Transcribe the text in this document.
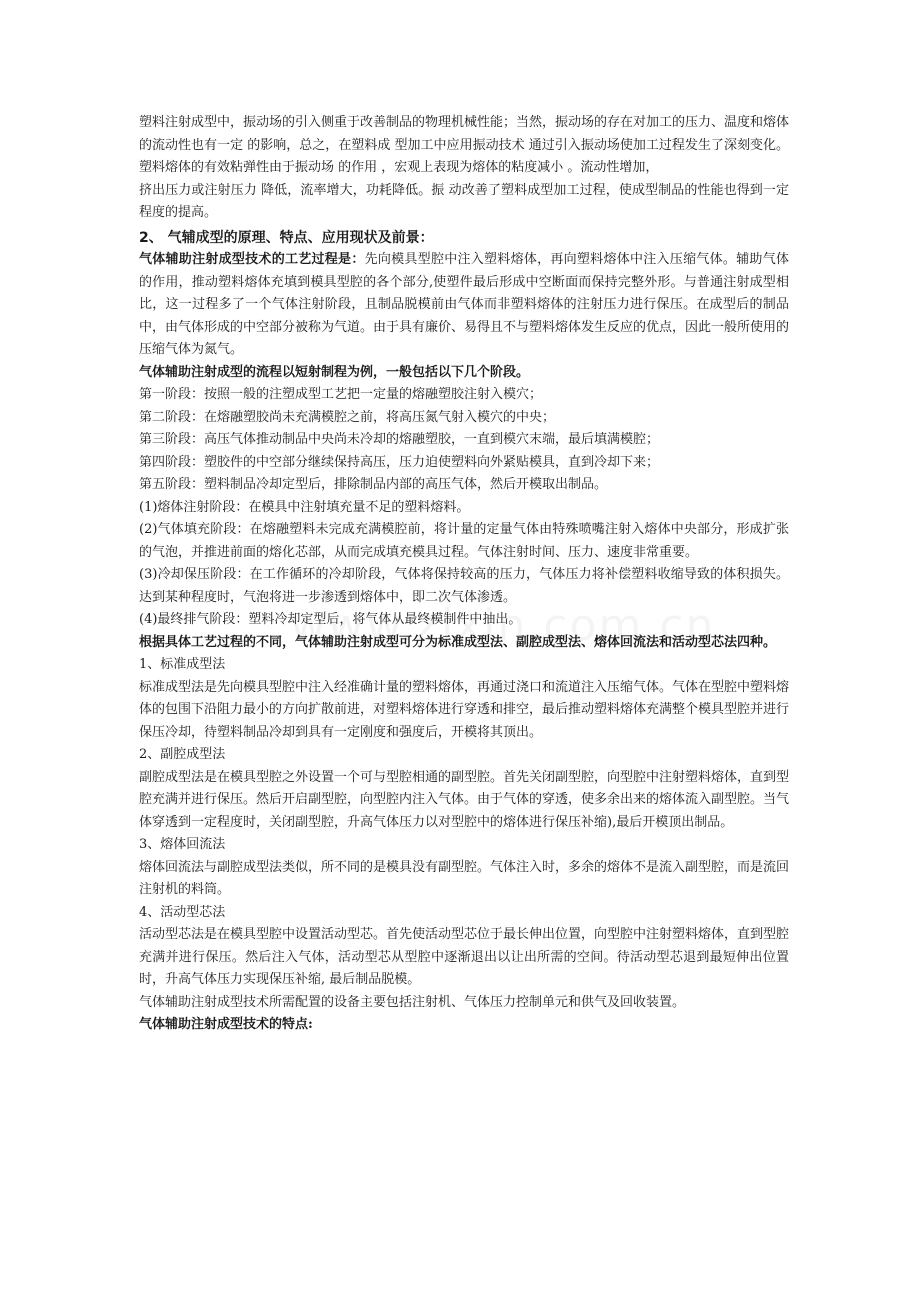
塑料注射成型中，振动场的引入侧重于改善制品的物理机械性能；当然，振动场的存在对加工的压力、温度和熔体的流动性也有一定 的影响，总之，在塑料成 型加工中应用振动技术 通过引入振动场使加工过程发生了深刻变化。塑料熔体的有效粘弹性由于振动场 的作用 ，宏观上表现为熔体的粘度减小 。流动性增加，

挤出压力或注射压力 降低，流率增大，功耗降低。振 动改善了塑料成型加工过程，使成型制品的性能也得到一定程度的提高。

2、 气辅成型的原理、特点、应用现状及前景：

气体辅助注射成型技术的工艺过程是：先向模具型腔中注入塑料熔体，再向塑料熔体中注入压缩气体。辅助气体的作用，推动塑料熔体充填到模具型腔的各个部分,使塑件最后形成中空断面而保持完整外形。与普通注射成型相比，这一过程多了一个气体注射阶段，且制品脱模前由气体而非塑料熔体的注射压力进行保压。在成型后的制品中，由气体形成的中空部分被称为气道。由于具有廉价、易得且不与塑料熔体发生反应的优点，因此一般所使用的压缩气体为氮气。

气体辅助注射成型的流程以短射制程为例，一般包括以下几个阶段。

第一阶段：按照一般的注塑成型工艺把一定量的熔融塑胶注射入模穴；

第二阶段：在熔融塑胶尚未充满模腔之前，将高压氮气射入模穴的中央；

第三阶段：高压气体推动制品中央尚未冷却的熔融塑胶，一直到模穴末端，最后填满模腔；

第四阶段：塑胶件的中空部分继续保持高压，压力迫使塑料向外紧贴模具，直到冷却下来；

第五阶段：塑料制品冷却定型后，排除制品内部的高压气体，然后开模取出制品。

(1)熔体注射阶段：在模具中注射填充量不足的塑料熔料。

(2)气体填充阶段：在熔融塑料未完成充满模腔前，将计量的定量气体由特殊喷嘴注射入熔体中央部分，形成扩张的气泡，并推进前面的熔化芯部，从而完成填充模具过程。气体注射时间、压力、速度非常重要。

(3)冷却保压阶段：在工作循环的冷却阶段，气体将保持较高的压力，气体压力将补偿塑料收缩导致的体积损失。达到某种程度时，气泡将进一步渗透到熔体中，即二次气体渗透。

(4)最终排气阶段：塑料冷却定型后，将气体从最终模制件中抽出。

根据具体工艺过程的不同，气体辅助注射成型可分为标准成型法、副腔成型法、熔体回流法和活动型芯法四种。

1、标准成型法

标准成型法是先向模具型腔中注入经准确计量的塑料熔体，再通过浇口和流道注入压缩气体。气体在型腔中塑料熔体的包围下沿阻力最小的方向扩散前进，对塑料熔体进行穿透和排空，最后推动塑料熔体充满整个模具型腔并进行保压冷却，待塑料制品冷却到具有一定刚度和强度后，开模将其顶出。

2、副腔成型法

副腔成型法是在模具型腔之外设置一个可与型腔相通的副型腔。首先关闭副型腔，向型腔中注射塑料熔体，直到型腔充满并进行保压。然后开启副型腔，向型腔内注入气体。由于气体的穿透，使多余出来的熔体流入副型腔。当气体穿透到一定程度时，关闭副型腔，升高气体压力以对型腔中的熔体进行保压补缩),最后开模顶出制品。

3、熔体回流法

熔体回流法与副腔成型法类似，所不同的是模具没有副型腔。气体注入时，多余的熔体不是流入副型腔，而是流回注射机的料筒。

4、活动型芯法

活动型芯法是在模具型腔中设置活动型芯。首先使活动型芯位于最长伸出位置，向型腔中注射塑料熔体，直到型腔充满并进行保压。然后注入气体，活动型芯从型腔中逐渐退出以让出所需的空间。待活动型芯退到最短伸出位置时，升高气体压力实现保压补缩, 最后制品脱模。

气体辅助注射成型技术所需配置的设备主要包括注射机、气体压力控制单元和供气及回收装置。

气体辅助注射成型技术的特点:
